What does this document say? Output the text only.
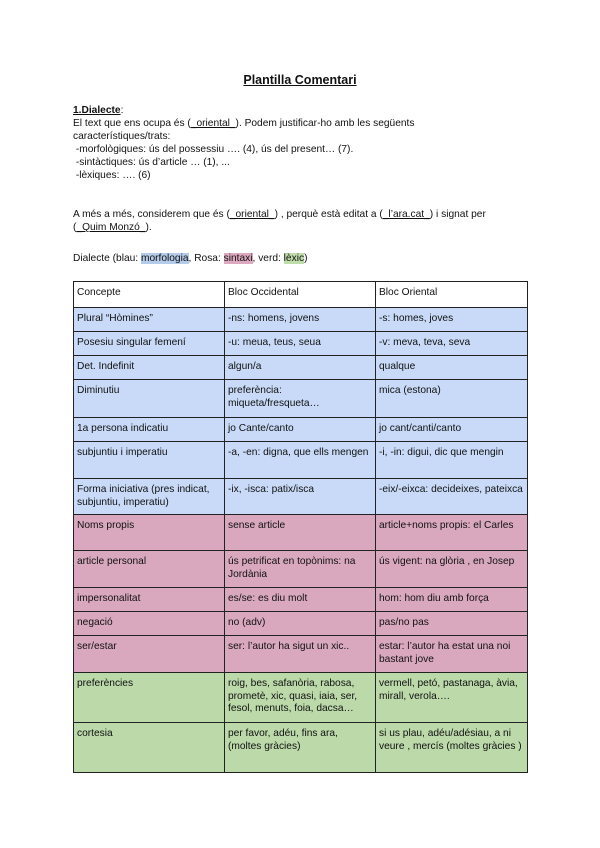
Plantilla Comentari
1.Dialecte:
El text que ens ocupa és (_oriental_). Podem justificar-ho amb les següents
característiques/trats:
-morfològiques: ús del possessiu …. (4), ús del present… (7).
-sintàctiques: ús d’article … (1), ...
-lèxiques: …. (6)
A més a més, considerem que és (_oriental_) , perquè està editat a (_l’ara.cat_) i signat per
(_Quim Monzó_).
Dialecte (blau: morfologia, Rosa: sintaxi, verd: lèxic)
Concepte	Bloc Occidental	Bloc Oriental
Plural “Hòmines”	-ns: homens, jovens	-s: homes, joves
Posesiu singular femení	-u: meua, teus, seua	-v: meva, teva, seva
Det. Indefinit	algun/a	qualque
Diminutiu	preferència: miqueta/fresqueta…	mica (estona)
1a persona indicatiu	jo Cante/canto	jo cant/canti/canto
subjuntiu i imperatiu	-a, -en: digna, que ells mengen	-i, -in: digui, dic que mengin
Forma iniciativa (pres indicat, subjuntiu, imperatiu)	-ix, -isca: patix/isca	-eix/-eixca: decideixes, pateixca
Noms propis	sense article	article+noms propis: el Carles
article personal	ús petrificat en topònims: na Jordània	ús vigent: na glòria , en Josep
impersonalitat	es/se: es diu molt	hom: hom diu amb força
negació	no (adv)	pas/no pas
ser/estar	ser: l’autor ha sigut un xic..	estar: l’autor ha estat una noi bastant jove
preferències	roig, bes, safanòria, rabosa, prometè, xic, quasi, iaia, ser, fesol, menuts, foia, dacsa…	vermell, petó, pastanaga, àvia, mirall, verola….
cortesia	per favor, adéu, fins ara, (moltes gràcies)	si us plau, adéu/adésiau, a ni veure , mercís (moltes gràcies )
